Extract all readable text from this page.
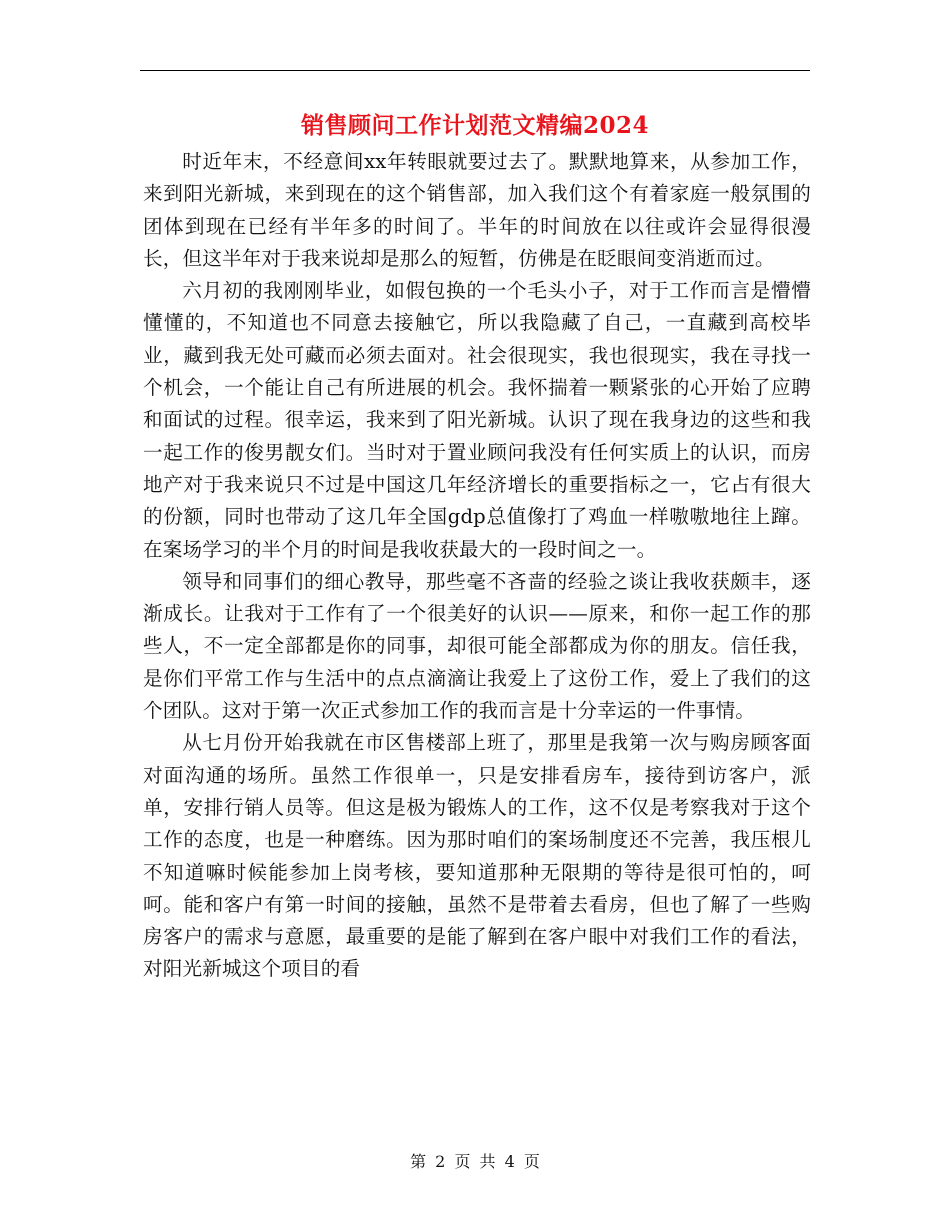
销售顾问工作计划范文精编2024

时近年末，不经意间xx年转眼就要过去了。默默地算来，从参加工作，来到阳光新城，来到现在的这个销售部，加入我们这个有着家庭一般氛围的团体到现在已经有半年多的时间了。半年的时间放在以往或许会显得很漫长，但这半年对于我来说却是那么的短暂，仿佛是在眨眼间变消逝而过。

六月初的我刚刚毕业，如假包换的一个毛头小子，对于工作而言是懵懵懂懂的，不知道也不同意去接触它，所以我隐藏了自己，一直藏到高校毕业，藏到我无处可藏而必须去面对。社会很现实，我也很现实，我在寻找一个机会，一个能让自己有所进展的机会。我怀揣着一颗紧张的心开始了应聘和面试的过程。很幸运，我来到了阳光新城。认识了现在我身边的这些和我一起工作的俊男靓女们。当时对于置业顾问我没有任何实质上的认识，而房地产对于我来说只不过是中国这几年经济增长的重要指标之一，它占有很大的份额，同时也带动了这几年全国gdp总值像打了鸡血一样嗷嗷地往上蹿。在案场学习的半个月的时间是我收获最大的一段时间之一。

领导和同事们的细心教导，那些毫不吝啬的经验之谈让我收获颇丰，逐渐成长。让我对于工作有了一个很美好的认识——原来，和你一起工作的那些人，不一定全部都是你的同事，却很可能全部都成为你的朋友。信任我，是你们平常工作与生活中的点点滴滴让我爱上了这份工作，爱上了我们的这个团队。这对于第一次正式参加工作的我而言是十分幸运的一件事情。

从七月份开始我就在市区售楼部上班了，那里是我第一次与购房顾客面对面沟通的场所。虽然工作很单一，只是安排看房车，接待到访客户，派单，安排行销人员等。但这是极为锻炼人的工作，这不仅是考察我对于这个工作的态度，也是一种磨练。因为那时咱们的案场制度还不完善，我压根儿不知道嘛时候能参加上岗考核，要知道那种无限期的等待是很可怕的，呵呵。能和客户有第一时间的接触，虽然不是带着去看房，但也了解了一些购房客户的需求与意愿，最重要的是能了解到在客户眼中对我们工作的看法，对阳光新城这个项目的看

第 2 页 共 4 页
